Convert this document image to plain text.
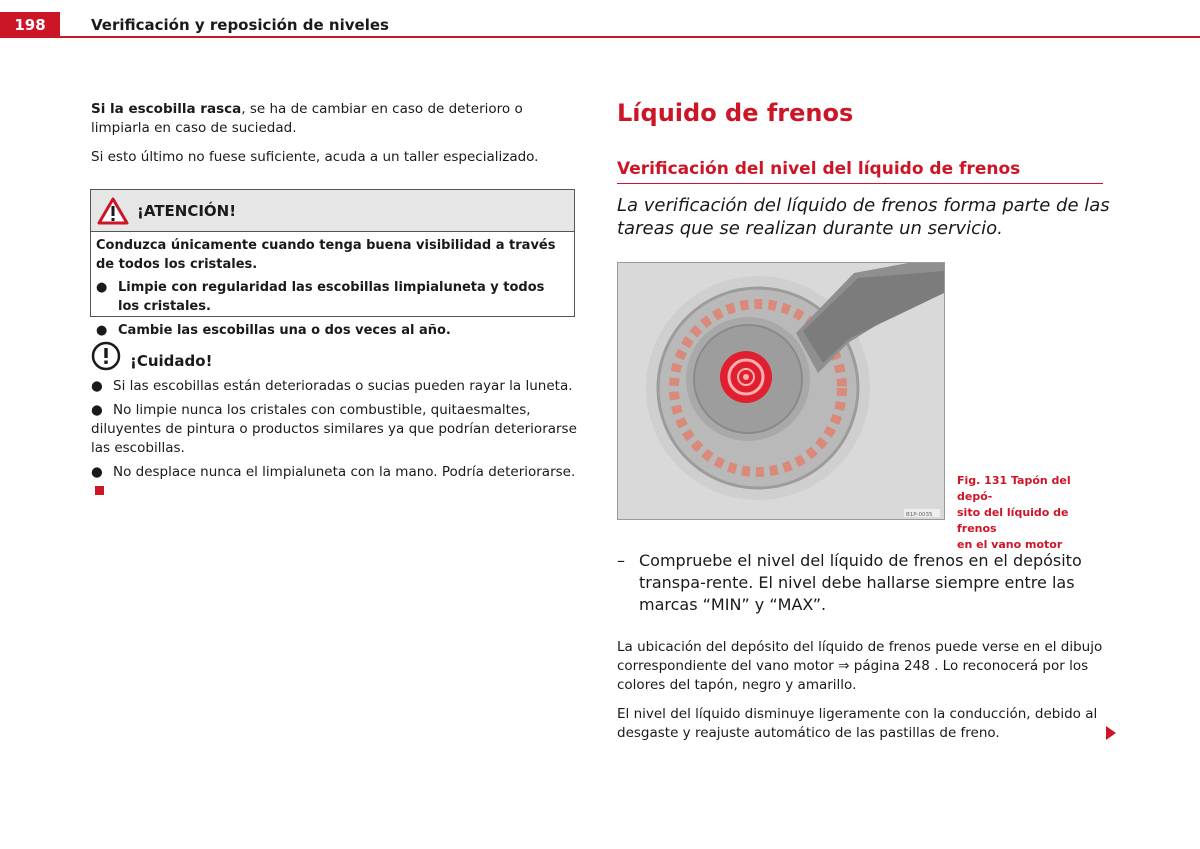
198	Verificación y reposición de niveles

Si la escobilla rasca, se ha de cambiar en caso de deterioro o limpiarla en caso de suciedad.

Si esto último no fuese suficiente, acuda a un taller especializado.

¡ATENCIÓN!
Conduzca únicamente cuando tenga buena visibilidad a través de todos los cristales.
● Limpie con regularidad las escobillas limpialuneta y todos los cristales.
● Cambie las escobillas una o dos veces al año.
¡Cuidado!

● Si las escobillas están deterioradas o sucias pueden rayar la luneta.

● No limpie nunca los cristales con combustible, quitaesmaltes, diluyentes de pintura o productos similares ya que podrían deteriorarse las escobillas.

● No desplace nunca el limpialuneta con la mano. Podría deteriorarse.

Líquido de frenos
Verificación del nivel del líquido de frenos
La verificación del líquido de frenos forma parte de las tareas que se realizan durante un servicio.
B1P-0035
Fig. 131 Tapón del depó-
sito del líquido de frenos
en el vano motor
– Compruebe el nivel del líquido de frenos en el depósito transpa-rente. El nivel debe hallarse siempre entre las marcas “MIN” y “MAX”.
La ubicación del depósito del líquido de frenos puede verse en el dibujo correspondiente del vano motor ⇒ página 248 . Lo reconocerá por los colores del tapón, negro y amarillo.
El nivel del líquido disminuye ligeramente con la conducción, debido al desgaste y reajuste automático de las pastillas de freno.
